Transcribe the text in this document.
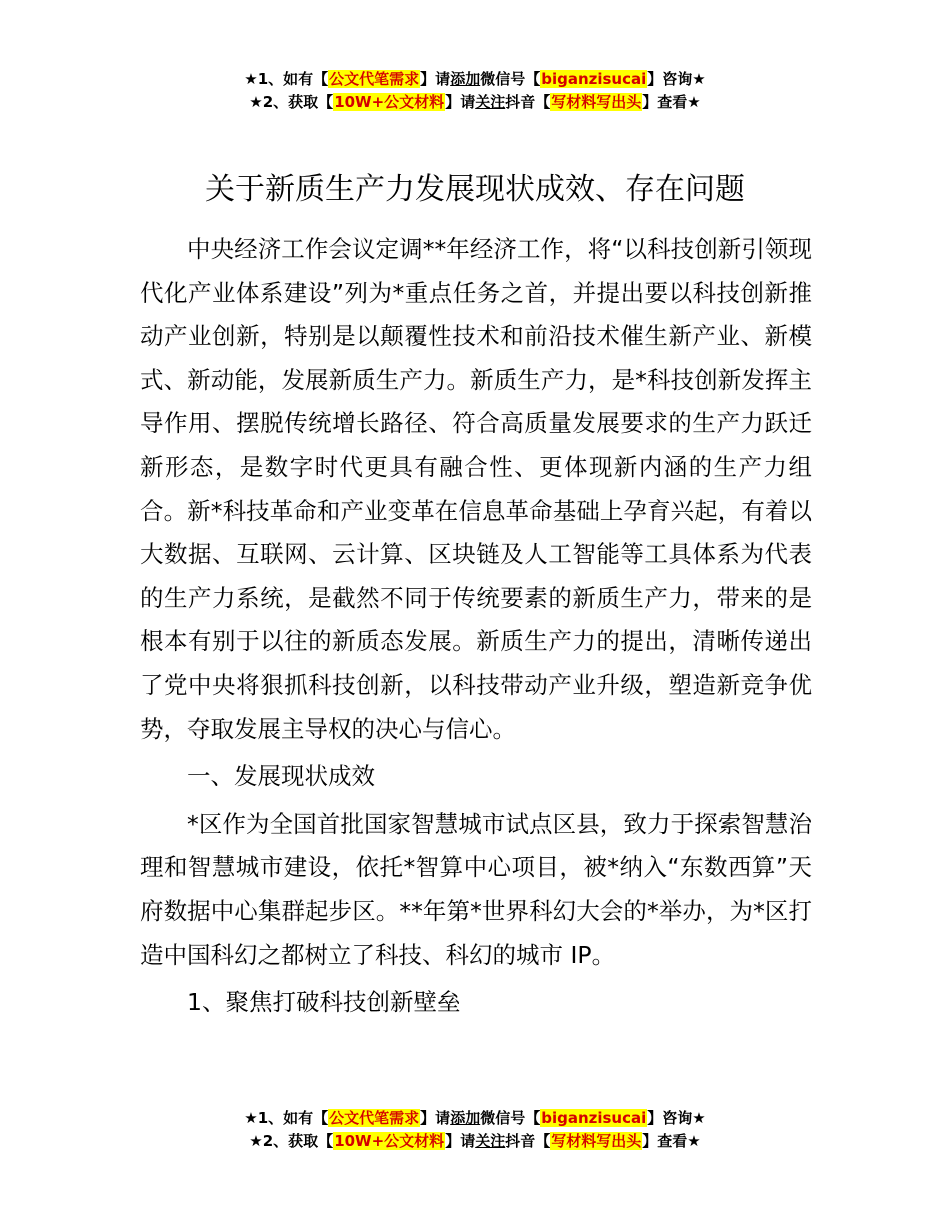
★1、如有【公文代笔需求】请添加微信号【biganzisucai】咨询★
★2、获取【10W+公文材料】请关注抖音【写材料写出头】查看★
关于新质生产力发展现状成效、存在问题

中央经济工作会议定调**年经济工作，将“以科技创新引领现代化产业体系建设”列为*重点任务之首，并提出要以科技创新推动产业创新，特别是以颠覆性技术和前沿技术催生新产业、新模式、新动能，发展新质生产力。新质生产力，是*科技创新发挥主导作用、摆脱传统增长路径、符合高质量发展要求的生产力跃迁新形态，是数字时代更具有融合性、更体现新内涵的生产力组合。新*科技革命和产业变革在信息革命基础上孕育兴起，有着以大数据、互联网、云计算、区块链及人工智能等工具体系为代表的生产力系统，是截然不同于传统要素的新质生产力，带来的是根本有别于以往的新质态发展。新质生产力的提出，清晰传递出了党中央将狠抓科技创新，以科技带动产业升级，塑造新竞争优势，夺取发展主导权的决心与信心。

一、发展现状成效

*区作为全国首批国家智慧城市试点区县，致力于探索智慧治理和智慧城市建设，依托*智算中心项目，被*纳入“东数西算”天府数据中心集群起步区。**年第*世界科幻大会的*举办，为*区打造中国科幻之都树立了科技、科幻的城市 IP。

1、聚焦打破科技创新壁垒

★1、如有【公文代笔需求】请添加微信号【biganzisucai】咨询★
★2、获取【10W+公文材料】请关注抖音【写材料写出头】查看★
